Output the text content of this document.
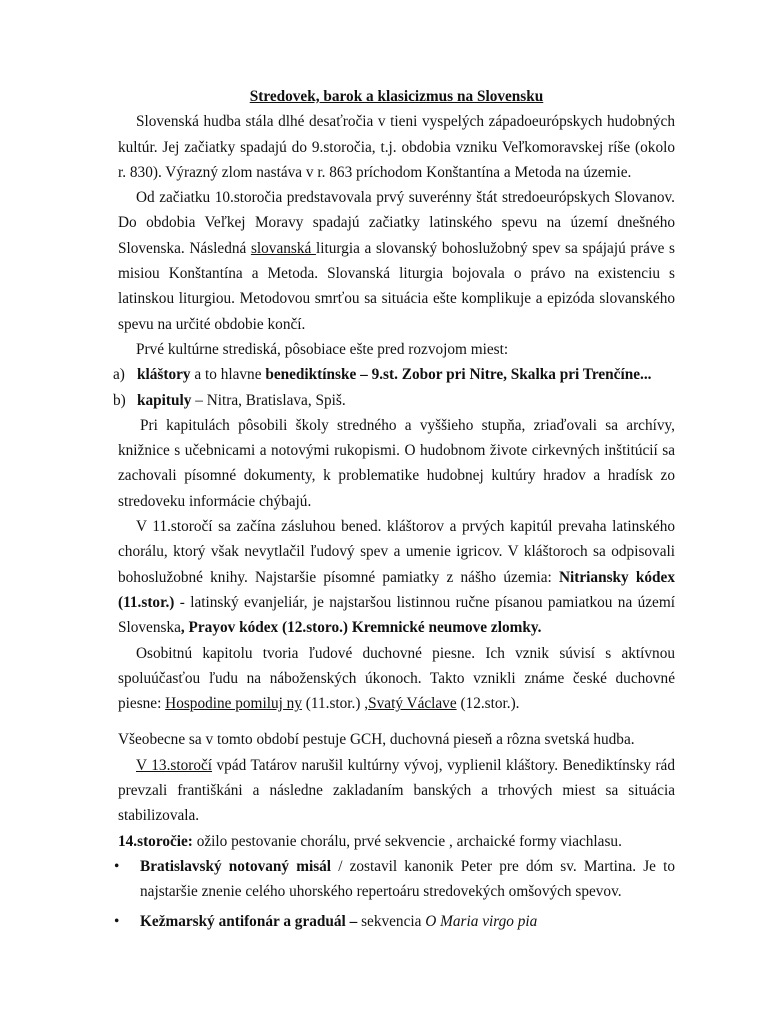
Stredovek, barok a klasicizmus na Slovensku

Slovenská hudba stála dlhé desaťročia v tieni vyspelých západoeurópskych hudobných kultúr. Jej začiatky spadajú do 9.storočia, t.j. obdobia vzniku Veľkomoravskej ríše (okolo r. 830). Výrazný zlom nastáva v r. 863 príchodom Konštantína a Metoda na územie.

Od začiatku 10.storočia predstavovala prvý suverénny štát stredoeurópskych Slovanov. Do obdobia Veľkej Moravy spadajú začiatky latinského spevu na území dnešného Slovenska. Následná slovanská liturgia a slovanský bohoslužobný spev sa spájajú práve s misiou Konštantína a Metoda. Slovanská liturgia bojovala o právo na existenciu s latinskou liturgiou. Metodovou smrťou sa situácia ešte komplikuje a epizóda slovanského spevu na určité obdobie končí.

Prvé kultúrne strediská, pôsobiace ešte pred rozvojom miest:

a) kláštory a to hlavne benediktínske – 9.st. Zobor pri Nitre, Skalka pri Trenčíne...
b) kapituly – Nitra, Bratislava, Spiš.

Pri kapitulách pôsobili školy stredného a vyššieho stupňa, zriaďovali sa archívy, knižnice s učebnicami a notovými rukopismi. O hudobnom živote cirkevných inštitúcií sa zachovali písomné dokumenty, k problematike hudobnej kultúry hradov a hradísk zo stredoveku informácie chýbajú.

V 11.storočí sa začína zásluhou bened. kláštorov a prvých kapitúl prevaha latinského chorálu, ktorý však nevytlačil ľudový spev a umenie igricov. V kláštoroch sa odpisovali bohoslužobné knihy. Najstaršie písomné pamiatky z nášho územia: Nitriansky kódex (11.stor.) - latinský evanjeliár, je najstaršou listinnou ručne písanou pamiatkou na území Slovenska, Prayov kódex (12.storo.) Kremnické neumove zlomky.

Osobitnú kapitolu tvoria ľudové duchovné piesne. Ich vznik súvisí s aktívnou spoluúčasťou ľudu na náboženských úkonoch. Takto vznikli známe české duchovné piesne: Hospodine pomiluj ny (11.stor.) ,Svatý Václave (12.stor.).

Všeobecne sa v tomto období pestuje GCH, duchovná pieseň a rôzna svetská hudba.

V 13.storočí vpád Tatárov narušil kultúrny vývoj, vyplienil kláštory. Benediktínsky rád prevzali františkáni a následne zakladaním banských a trhových miest sa situácia stabilizovala.

14.storočie: ožilo pestovanie chorálu, prvé sekvencie , archaické formy viachlasu.

• Bratislavský notovaný misál / zostavil kanonik Peter pre dóm sv. Martina. Je to najstaršie znenie celého uhorského repertoáru stredovekých omšových spevov.
• Kežmarský antifonár a graduál – sekvencia O Maria virgo pia
